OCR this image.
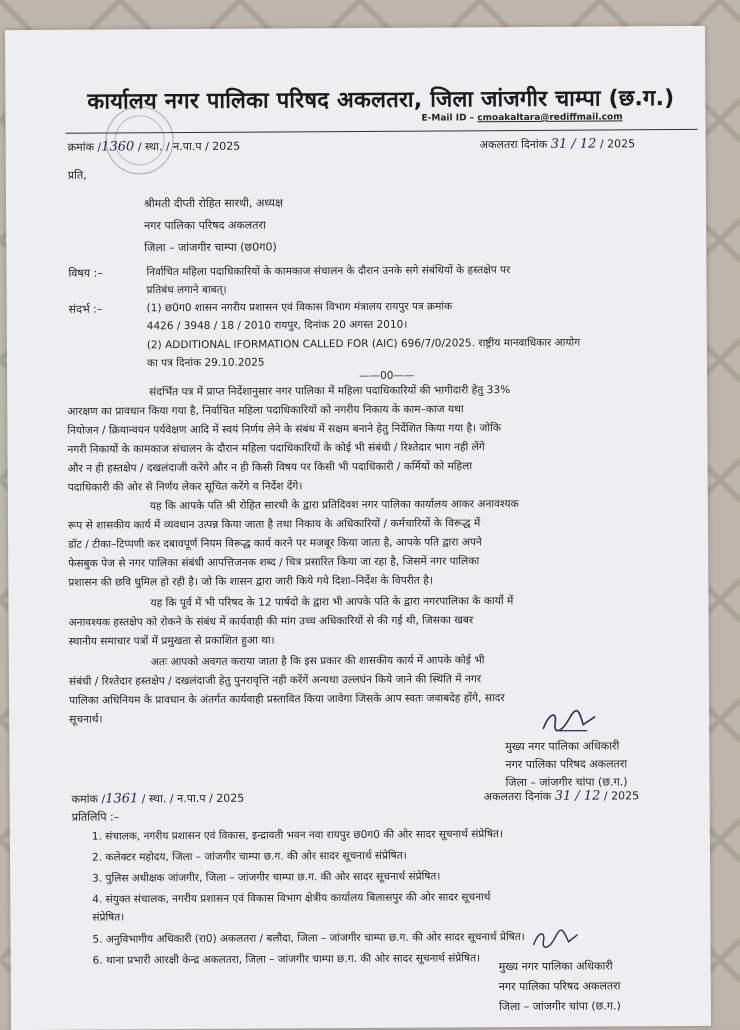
कार्यालय नगर पालिका परिषद अकलतरा, जिला जांजगीर चाम्पा (छ.ग.)
E-Mail ID – cmoakaltara@rediffmail.com
क्रमांक /1360 / स्था. / न.पा.प / 2025	अकलतरा दिनांक 31 / 12 / 2025
प्रति,
श्रीमती दीप्ती रोहित सारथी, अध्यक्ष
नगर पालिका परिषद अकलतरा
जिला – जांजगीर चाम्पा (छ0ग0)
विषय :–	निर्वाचित महिला पदाधिकारियों के कामकाज संचालन के दौरान उनके सगे संबंधियों के हस्तक्षेप पर
प्रतिबंध लगाने बाबत्।
संदर्भ :–	(1) छ0ग0 शासन नगरीय प्रशासन एवं विकास विभाग मंत्रालय रायपुर पत्र क्रमांक
4426 / 3948 / 18 / 2010 रायपुर, दिनांक 20 अगस्त 2010।
(2) ADDITIONAL IFORMATION CALLED FOR (AIC) 696/7/0/2025. राष्ट्रीय मानवाधिकार आयोग
का पत्र दिनांक 29.10.2025
——00——
संदर्भित पत्र में प्राप्त निर्देशानुसार नगर पालिका में महिला पदाधिकारियों की भागीदारी हेतु 33%
आरक्षण का प्रावधान किया गया है, निर्वाचित महिला पदाधिकारियों को नगरीय निकाय के काम–काज यथा
नियोजन / क्रियान्वयन पर्यवेक्षण आदि में स्वयं निर्णय लेने के संबंध में सक्षम बनाने हेतु निर्देशित किया गया है। जोकि
नगरी निकायों के कामकाज संचालन के दौरान महिला पदाधिकारियों के कोई भी संबंधी / रिश्तेदार भाग नही लेंगे
और न ही हस्तक्षेप / दखलंदाजी करेंगे और न ही किसी विषय पर किसी भी पदाधिकारी / कर्मियों को महिला
पदाधिकारी की ओर से निर्णय लेकर सूचित करेंगे व निर्देश देंगे।
यह कि आपके पति श्री रोहित सारथी के द्वारा प्रतिदिवश नगर पालिका कार्यालय आकर अनावश्यक
रूप से शासकीय कार्य में व्यवधान उत्पन्न किया जाता है तथा निकाय के अधिकारियों / कर्मचारियों के विरूद्ध में
डॉट / टीका–टिप्पणी कर दबावपूर्ण नियम विरूद्ध कार्य करने पर मजबूर किया जाता है, आपके पति द्वारा अपने
फेसबुक पेज से नगर पालिका संबंधी आपत्तिजनक शब्द / चित्र प्रसारित किया जा रहा है, जिसमें नगर पालिका
प्रशासन की छवि धुमिल हो रही है। जो कि शासन द्वारा जारी किये गये दिशा–निर्देश के विपरीत है।
यह कि पूर्व में भी परिषद के 12 पार्षदो के द्वारा भी आपके पति के द्वारा नगरपालिका के कार्यो में
अनावश्यक हस्तक्षेप को रोकने के संबंध में कार्यवाही की मांग उच्च अधिकारियों से की गई थी, जिसका खबर
स्थानीय समाचार पत्रों में प्रमुखता से प्रकाशित हुआ था।
अतः आपको अवगत कराया जाता है कि इस प्रकार की शासकीय कार्य में आपके कोई भी
संबंधी / रिश्तेदार हस्तक्षेप / दखलंदाजी हेतु पुनरावृत्ति नही करेंगें अन्यथा उल्लघंन किये जाने की स्थिति में नगर
पालिका अधिनियम के प्रावधान के अंतर्गत कार्यवाही प्रस्तावित किया जावेगा जिसके आप स्वतः जवाबदेह होंगे, सादर
सूचनार्थ।
मुख्य नगर पालिका अधिकारी
नगर पालिका परिषद अकलतरा
जिला – जांजगीर चांपा (छ.ग.)
कमांक /1361 / स्था. / न.पा.प / 2025	अकलतरा दिनांक 31 / 12 / 2025
प्रतिलिपि :–
1. संचालक, नगरीय प्रशासन एवं विकास, इन्द्रावती भवन नवा रायपुर छ0ग0 की ओर सादर सूचनार्थ संप्रेषित।
2. कलेक्टर महोदय, जिला – जांजगीर चाम्पा छ.ग. की ओर सादर सूचनार्थ संप्रेषित।
3. पुलिस अधीक्षक जांजगीर, जिला – जांजगीर चाम्पा छ.ग. की ओर सादर सूचनार्थ संप्रेषित।
4. संयुक्त संचालक, नगरीय प्रशासन एवं विकास विभाग क्षेत्रीय कार्यालय बिलासपुर की ओर सादर सूचनार्थ
संप्रेषित।
5. अनुविभागीय अधिकारी (रा0) अकलतरा / बलौदा, जिला – जांजगीर चाम्पा छ.ग. की ओर सादर सूचनार्थ प्रेषित।
6. थाना प्रभारी आरक्षी केन्द्र अकलतरा, जिला – जांजगीर चाम्पा छ.ग. की ओर सादर सूचनार्थ संप्रेषित। मुख्य नगर पालिका अधिकारी
नगर पालिका परिषद अकलतरा
जिला – जांजगीर चांपा (छ.ग.)
